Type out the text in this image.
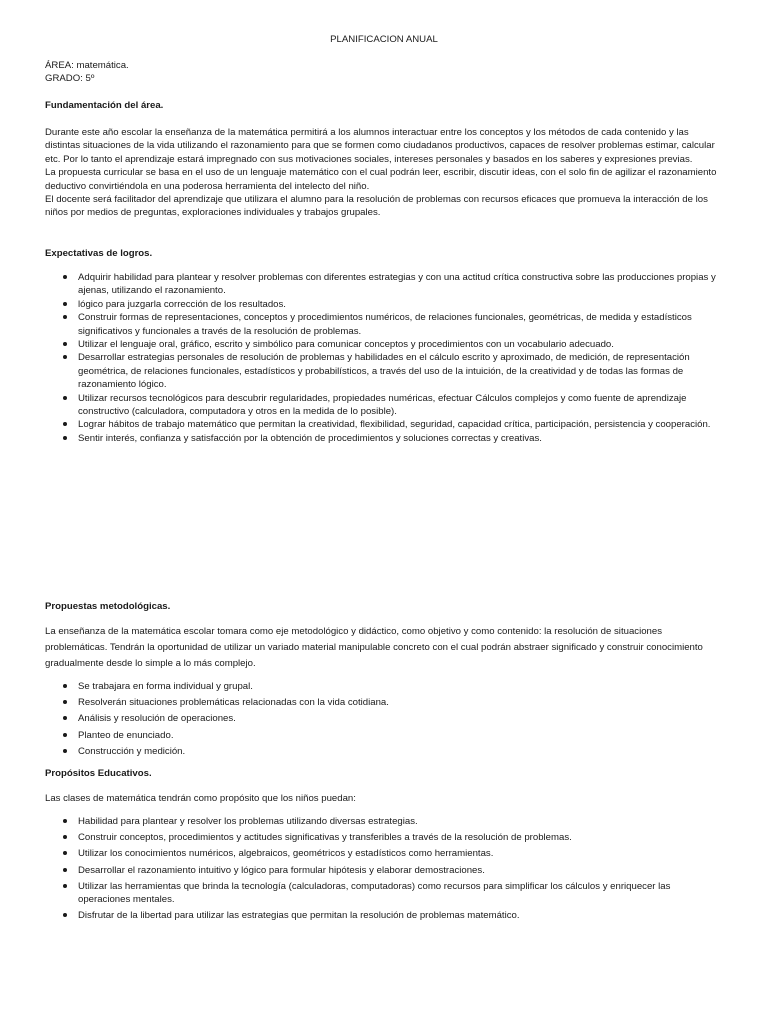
PLANIFICACION ANUAL

ÁREA: matemática.

GRADO: 5º

Fundamentación del área.

Durante este año escolar la enseñanza de la matemática permitirá a los alumnos interactuar entre los conceptos y los métodos de cada contenido y las distintas situaciones de la vida utilizando el razonamiento para que se formen como ciudadanos productivos, capaces de resolver problemas estimar, calcular etc. Por lo tanto el aprendizaje estará impregnado con sus motivaciones sociales, intereses personales y basados en los saberes y expresiones previas.

La propuesta curricular se basa en el uso de un lenguaje matemático con el cual podrán leer, escribir, discutir ideas, con el solo fin de agilizar el razonamiento deductivo convirtiéndola en una poderosa herramienta del intelecto del niño.

El docente será facilitador del aprendizaje que utilizara el alumno para la resolución de problemas con recursos eficaces que promueva la interacción de los niños por medios de preguntas, exploraciones individuales y trabajos grupales.

Expectativas de logros.
Adquirir habilidad para plantear y resolver problemas con diferentes estrategias y con una actitud crítica constructiva sobre las producciones propias y ajenas, utilizando el razonamiento.
lógico para juzgarla corrección de los resultados.
Construir formas de representaciones, conceptos y procedimientos numéricos, de relaciones funcionales, geométricas, de medida y estadísticos significativos y funcionales a través de la resolución de problemas.
Utilizar el lenguaje oral, gráfico, escrito y simbólico para comunicar conceptos y procedimientos con un vocabulario adecuado.
Desarrollar estrategias personales de resolución de problemas y habilidades en el cálculo escrito y aproximado, de medición, de representación geométrica, de relaciones funcionales, estadísticos y probabilísticos, a través del uso de la intuición, de la creatividad y de todas las formas de razonamiento lógico.
Utilizar recursos tecnológicos para descubrir regularidades, propiedades numéricas, efectuar Cálculos complejos y como fuente de aprendizaje constructivo (calculadora, computadora y otros en la medida de lo posible).
Lograr hábitos de trabajo matemático que permitan la creatividad, flexibilidad, seguridad, capacidad crítica, participación, persistencia y cooperación.
Sentir interés, confianza y satisfacción por la obtención de procedimientos y soluciones correctas y creativas.
Propuestas metodológicas.
La enseñanza de la matemática escolar tomara como eje metodológico y didáctico, como objetivo y como contenido: la resolución de situaciones problemáticas. Tendrán la oportunidad de utilizar un variado material manipulable concreto con el cual podrán abstraer significado y construir conocimiento gradualmente desde lo simple a lo más complejo.
Se trabajara en forma individual y grupal.
Resolverán situaciones problemáticas relacionadas con la vida cotidiana.
Análisis y resolución de operaciones.
Planteo de enunciado.
Construcción y medición.
Propósitos Educativos.
Las clases de matemática tendrán como propósito que los niños puedan:
Habilidad para plantear y resolver los problemas utilizando diversas estrategias.
Construir conceptos, procedimientos y actitudes significativas y transferibles a través de la resolución de problemas.
Utilizar los conocimientos numéricos, algebraicos, geométricos y estadísticos como herramientas.
Desarrollar el razonamiento intuitivo y lógico para formular hipótesis y elaborar demostraciones.
Utilizar las herramientas que brinda la tecnología (calculadoras, computadoras) como recursos para simplificar los cálculos y enriquecer las operaciones mentales.
Disfrutar de la libertad para utilizar las estrategias que permitan la resolución de problemas matemático.
